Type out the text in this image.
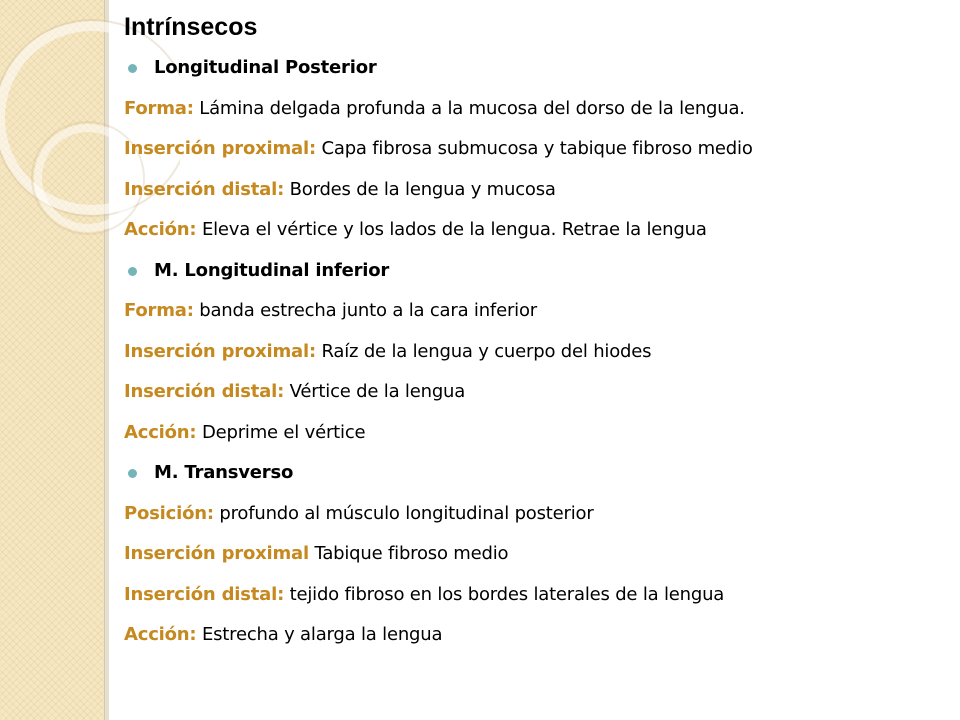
Intrínsecos
Longitudinal Posterior
Forma: Lámina delgada profunda a la mucosa del dorso de la lengua.
Inserción proximal: Capa fibrosa submucosa y tabique fibroso medio
Inserción distal: Bordes de la lengua y mucosa
Acción: Eleva el vértice y los lados de la lengua. Retrae la lengua
M. Longitudinal inferior
Forma: banda estrecha junto a la cara inferior
Inserción proximal: Raíz de la lengua y cuerpo del hiodes
Inserción distal: Vértice de la lengua
Acción: Deprime el vértice
M. Transverso
Posición: profundo al músculo longitudinal posterior
Inserción proximal Tabique fibroso medio
Inserción distal: tejido fibroso en los bordes laterales de la lengua
Acción: Estrecha y alarga la lengua
